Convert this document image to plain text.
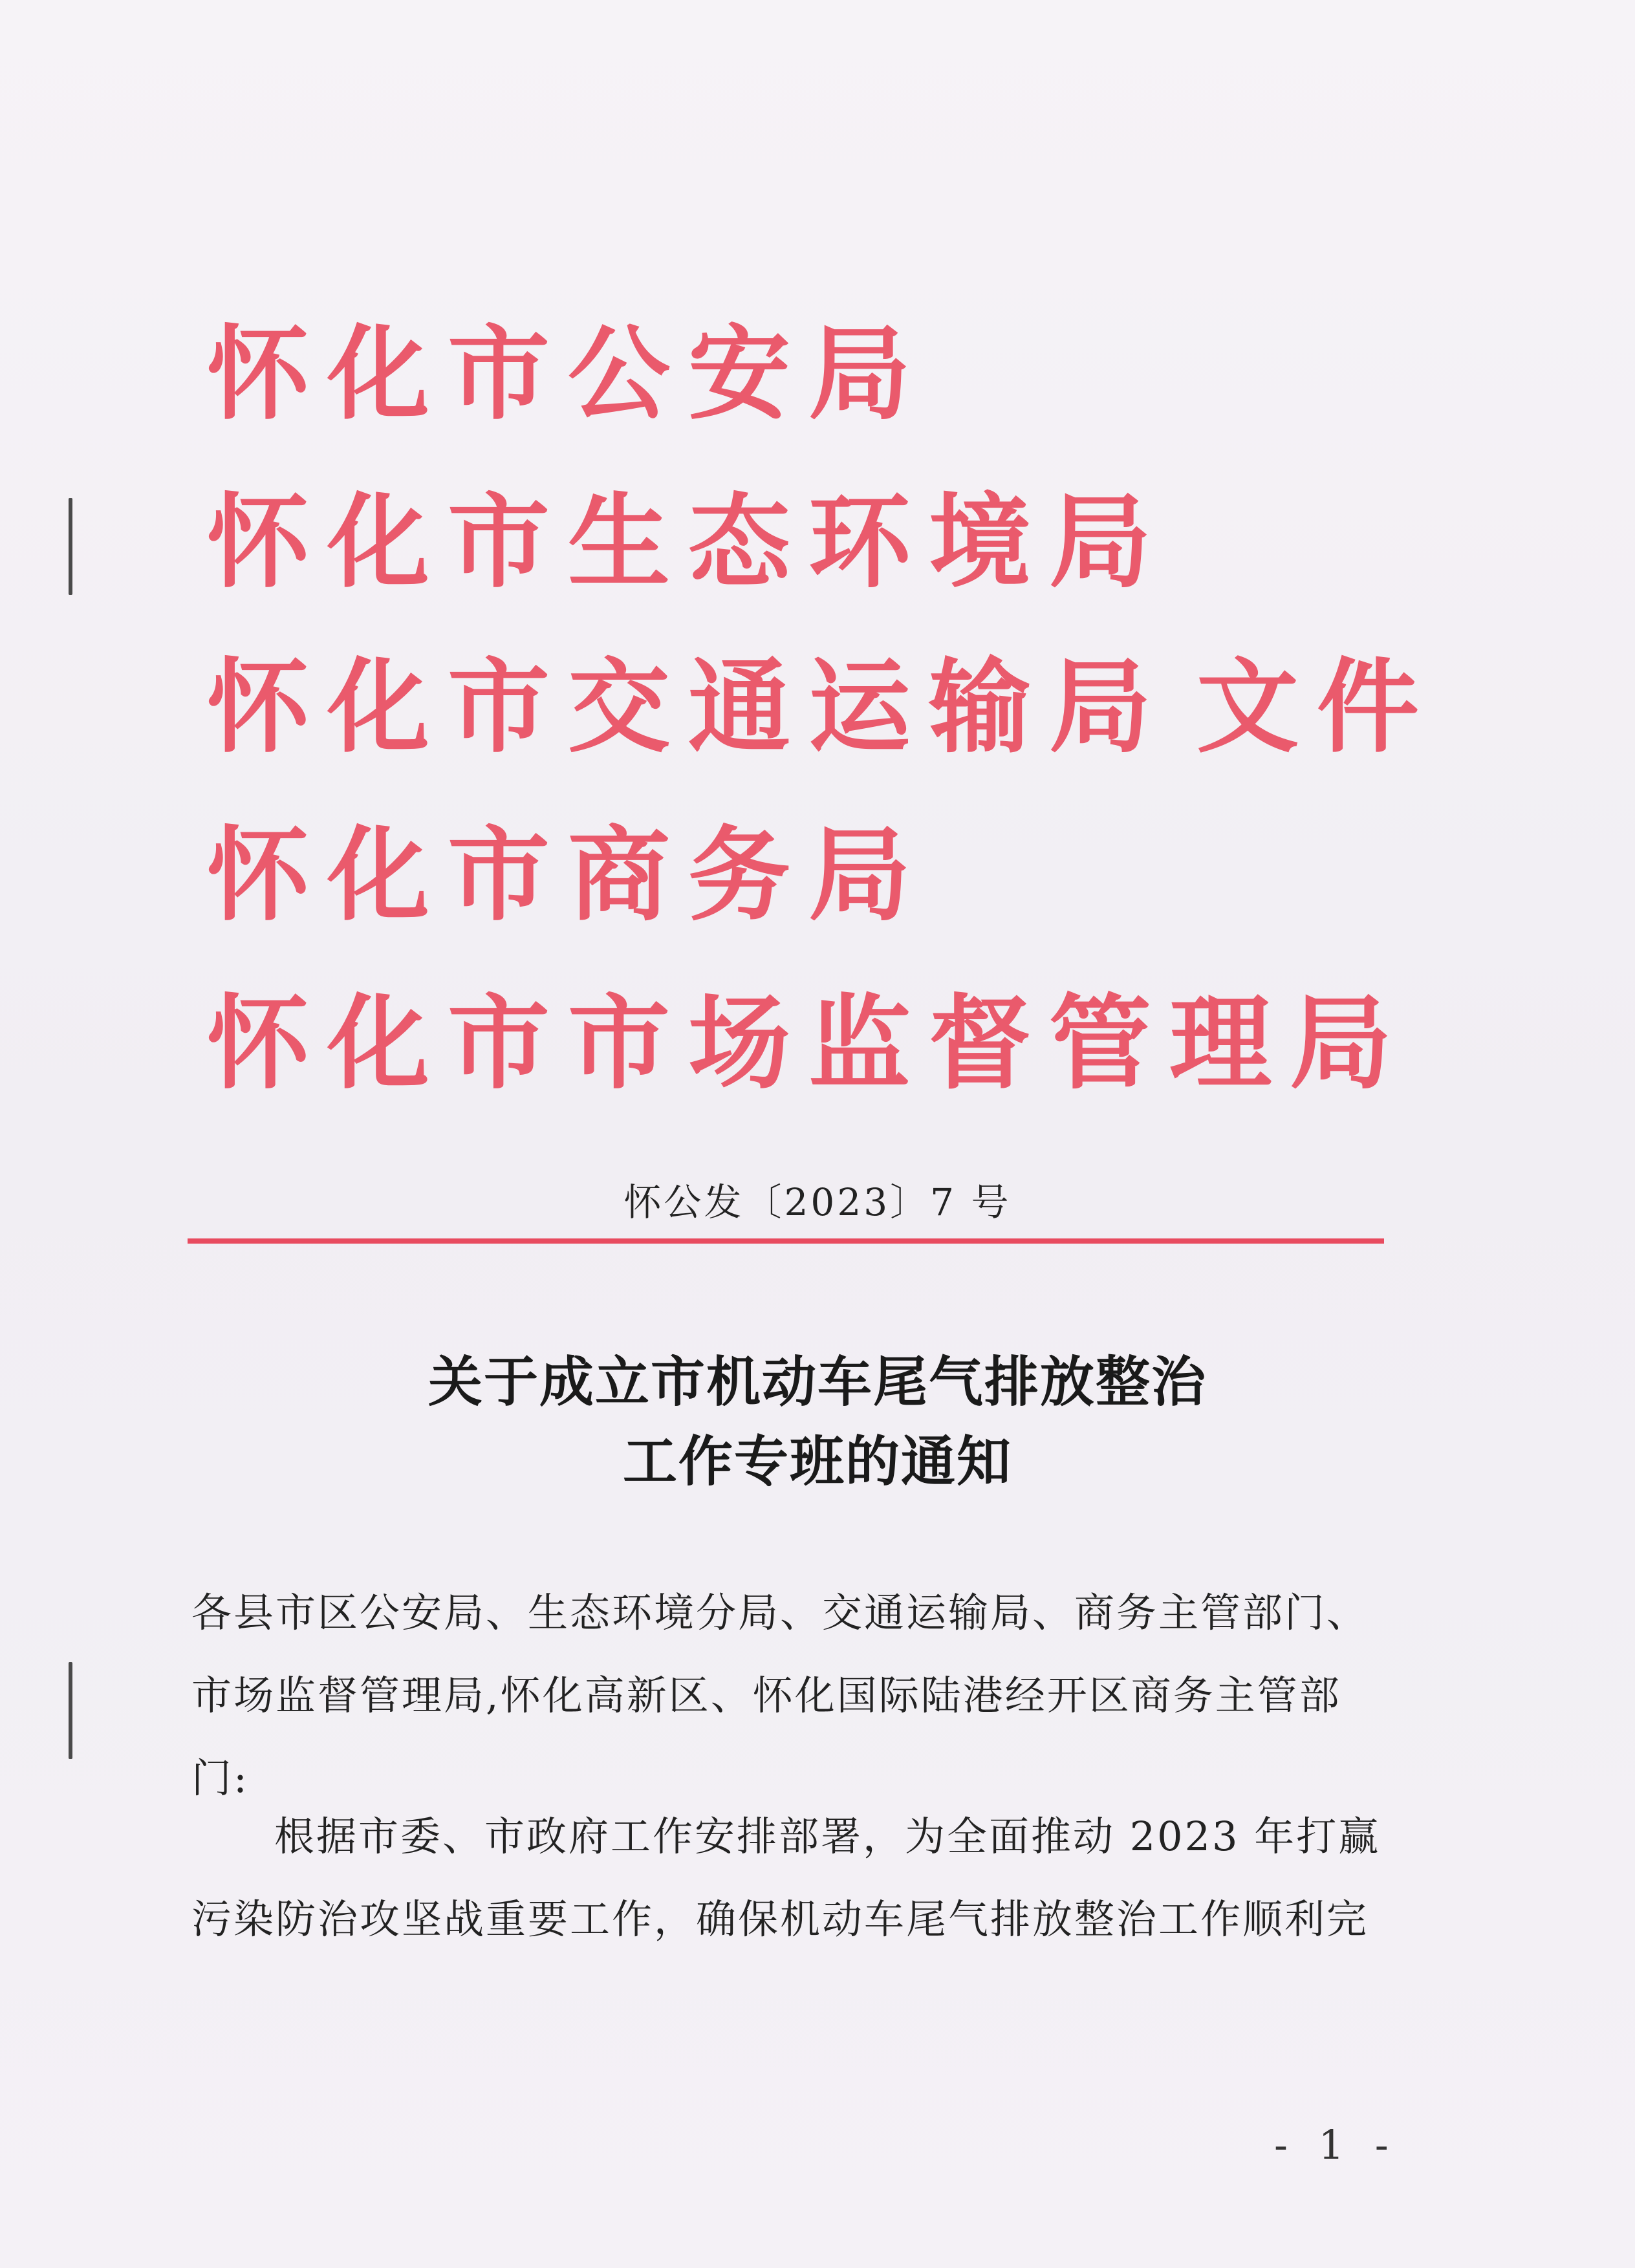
怀化市公安局
怀化市生态环境局
怀化市交通运输局
怀化市商务局
怀化市市场监督管理局
文件
怀公发〔2023〕7 号
关于成立市机动车尾气排放整治
工作专班的通知
各县市区公安局、生态环境分局、交通运输局、商务主管部门、市场监督管理局,怀化高新区、怀化国际陆港经开区商务主管部门:
根据市委、市政府工作安排部署，为全面推动 2023 年打赢污染防治攻坚战重要工作，确保机动车尾气排放整治工作顺利完
- 1 -
